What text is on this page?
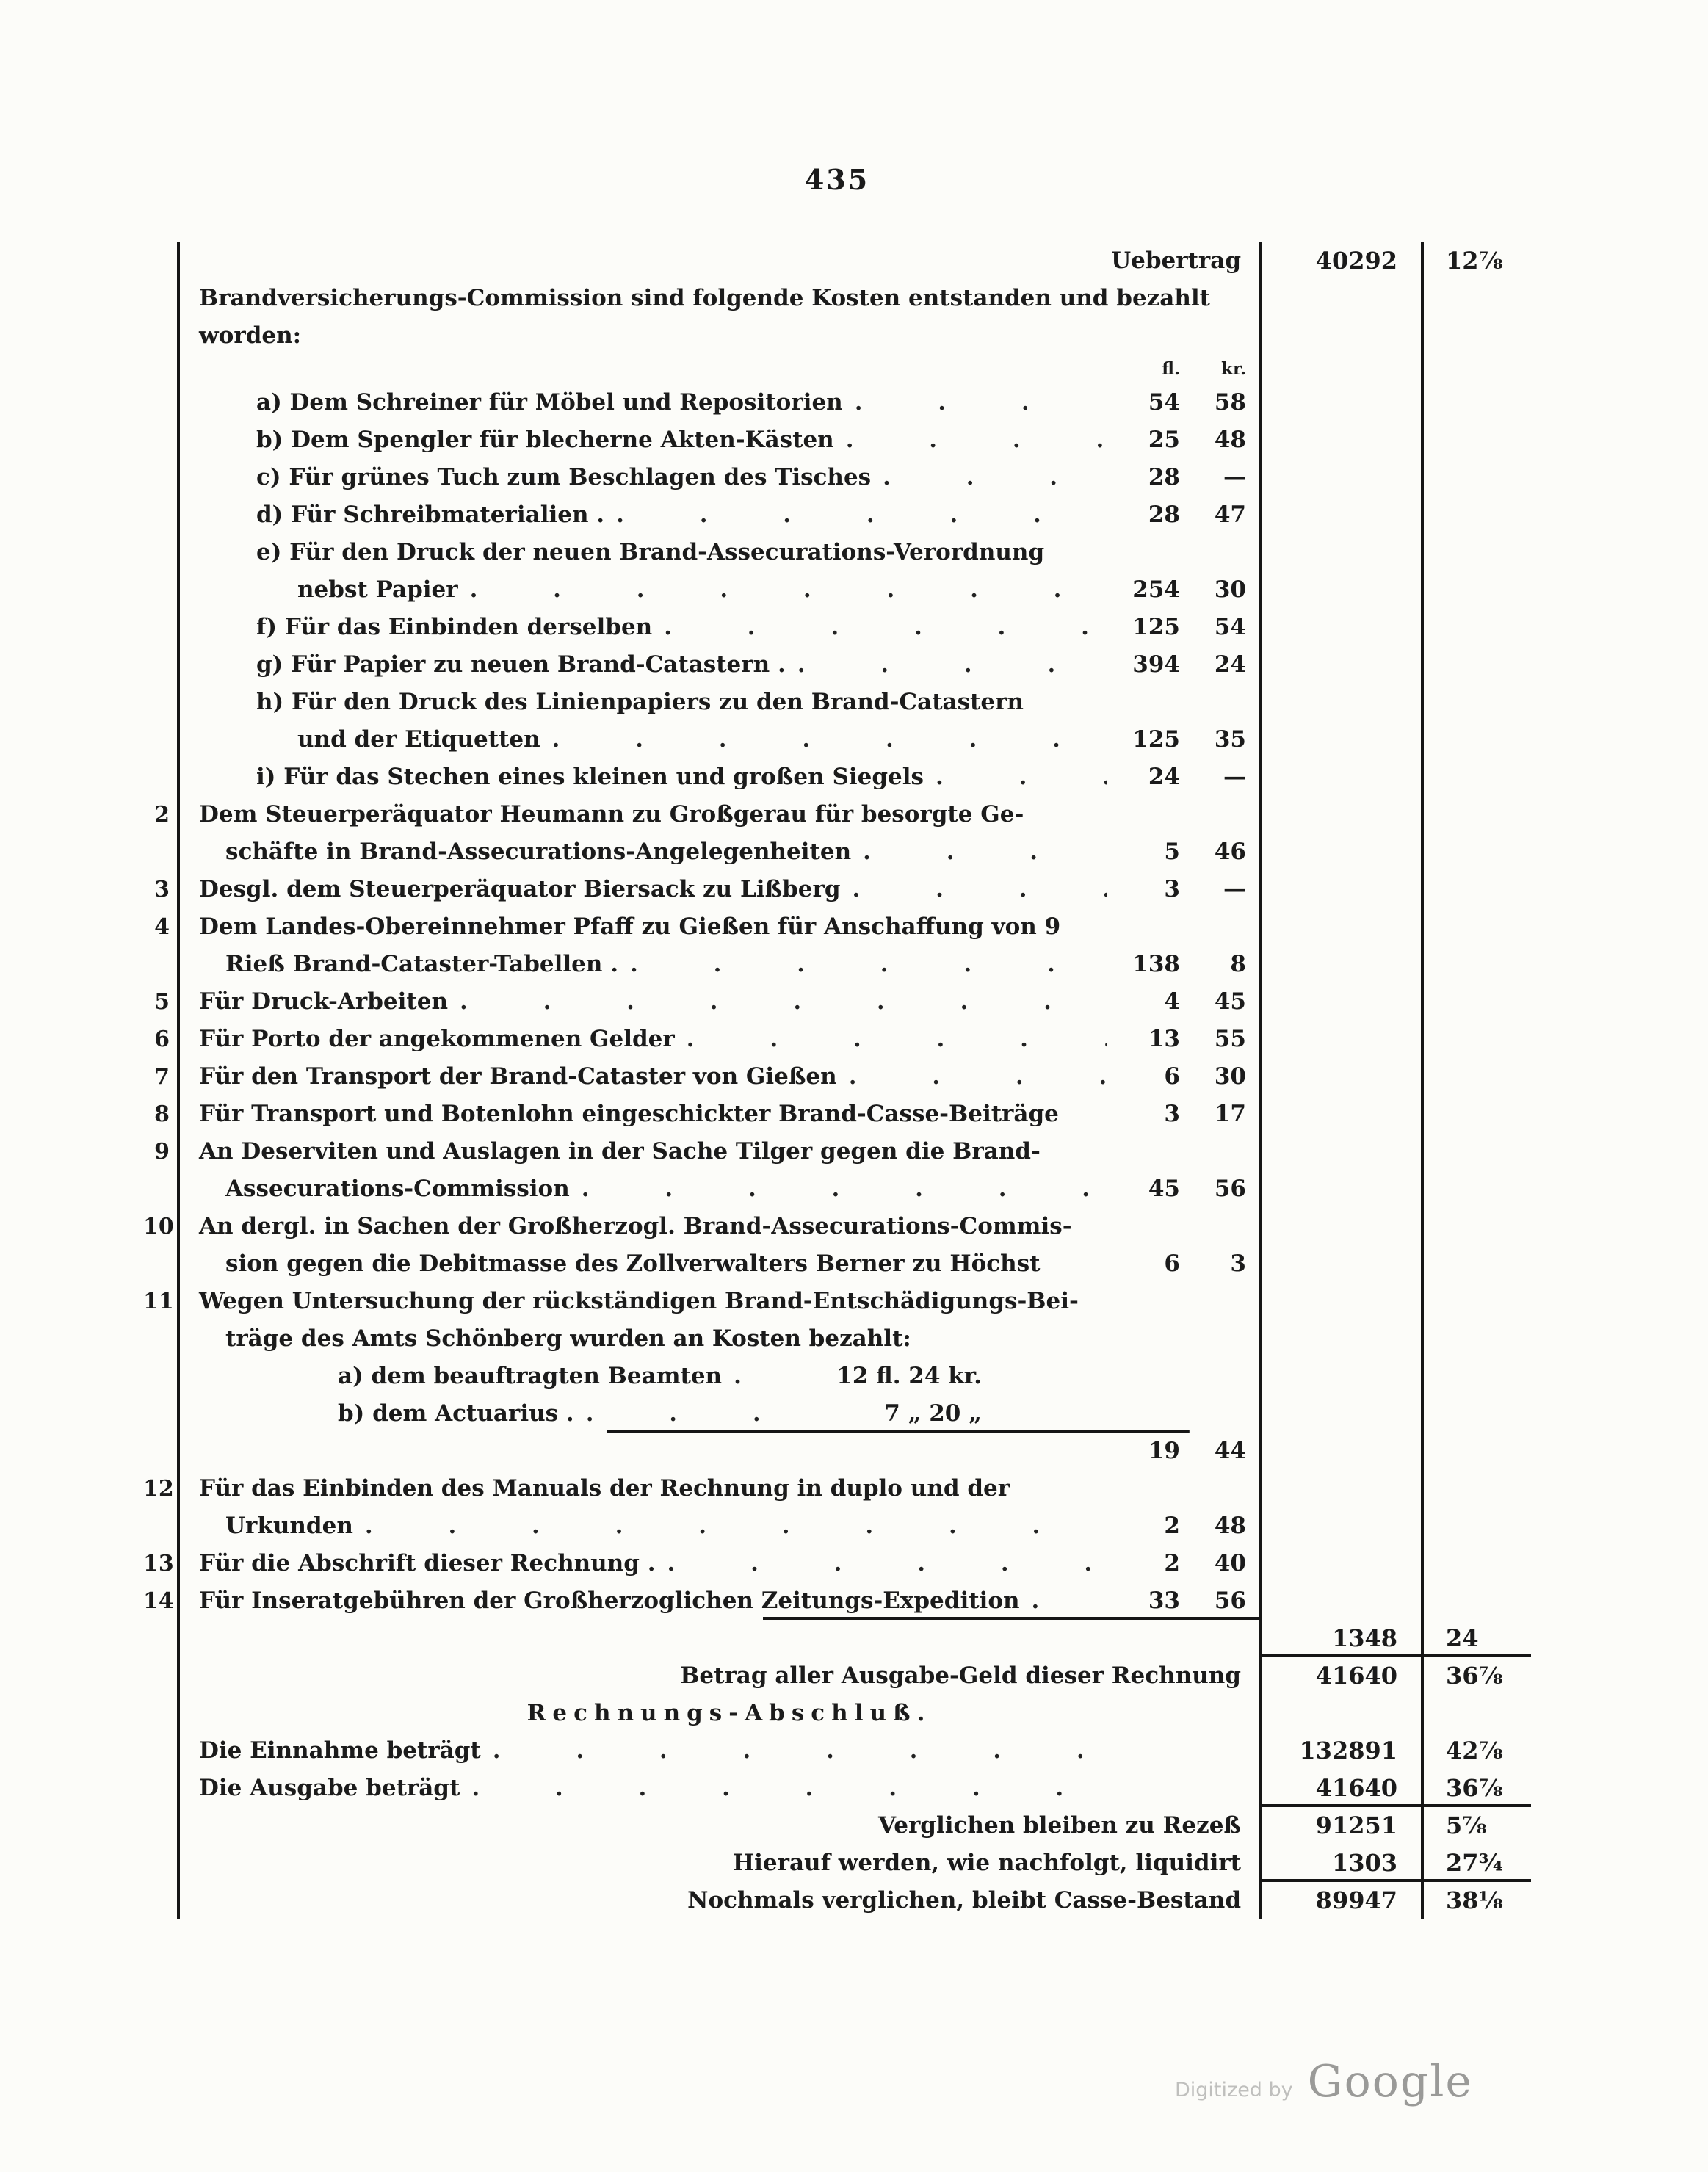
435
Uebertrag	40292	12⅞
Brandversicherungs-Commission sind folgende Kosten entstanden und bezahlt
worden:
fl.	kr.
a) Dem Schreiner für Möbel und Repositorien . . .	54	58
b) Dem Spengler für blecherne Akten-Kästen . . .	25	48
c) Für grünes Tuch zum Beschlagen des Tisches . . .	28	—
d) Für Schreibmaterialien . . . .	28	47
e) Für den Druck der neuen Brand-Assecurations-Verordnung
nebst Papier . . .	254	30
f) Für das Einbinden derselben . . .	125	54
g) Für Papier zu neuen Brand-Catastern . . . .	394	24
h) Für den Druck des Linienpapiers zu den Brand-Catastern
und der Etiquetten . . .	125	35
i) Für das Stechen eines kleinen und großen Siegels . . .	24	—
2	Dem Steuerperäquator Heumann zu Großgerau für besorgte Ge-
schäfte in Brand-Assecurations-Angelegenheiten . . .	5	46
3	Desgl. dem Steuerperäquator Biersack zu Lißberg . . .	3	—
4	Dem Landes-Obereinnehmer Pfaff zu Gießen für Anschaffung von 9
Rieß Brand-Cataster-Tabellen . . . .	138	8
5	Für Druck-Arbeiten . . .	4	45
6	Für Porto der angekommenen Gelder . . .	13	55
7	Für den Transport der Brand-Cataster von Gießen . . .	6	30
8	Für Transport und Botenlohn eingeschickter Brand-Casse-Beiträge	3	17
9	An Deserviten und Auslagen in der Sache Tilger gegen die Brand-
Assecurations-Commission . . .	45	56
10 An dergl. in Sachen der Großherzogl. Brand-Assecurations-Commis-
sion gegen die Debitmasse des Zollverwalters Berner zu Höchst	6	3
11 Wegen Untersuchung der rückständigen Brand-Entschädigungs-Bei-
träge des Amts Schönberg wurden an Kosten bezahlt:
a) dem beauftragten Beamten . . .	12 fl. 24 kr.
b) dem Actuarius . . . .	7 „ 20 „
19	44
12 Für das Einbinden des Manuals der Rechnung in duplo und der
Urkunden . . .	2	48
13 Für die Abschrift dieser Rechnung . . . .	2	40
14 Für Inseratgebühren der Großherzoglichen Zeitungs-Expedition . . .	33	56
1348	24
Betrag aller Ausgabe-Geld dieser Rechnung	41640	36⅞
Rechnungs-Abschluß.
Die Einnahme beträgt . . .	132891	42⅞
Die Ausgabe beträgt . . .	41640	36⅞
Verglichen bleiben zu Rezeß	91251	5⅞
Hierauf werden, wie nachfolgt, liquidirt	1303	27¾
Nochmals verglichen, bleibt Casse-Bestand	89947	38⅛
Digitized by Google
